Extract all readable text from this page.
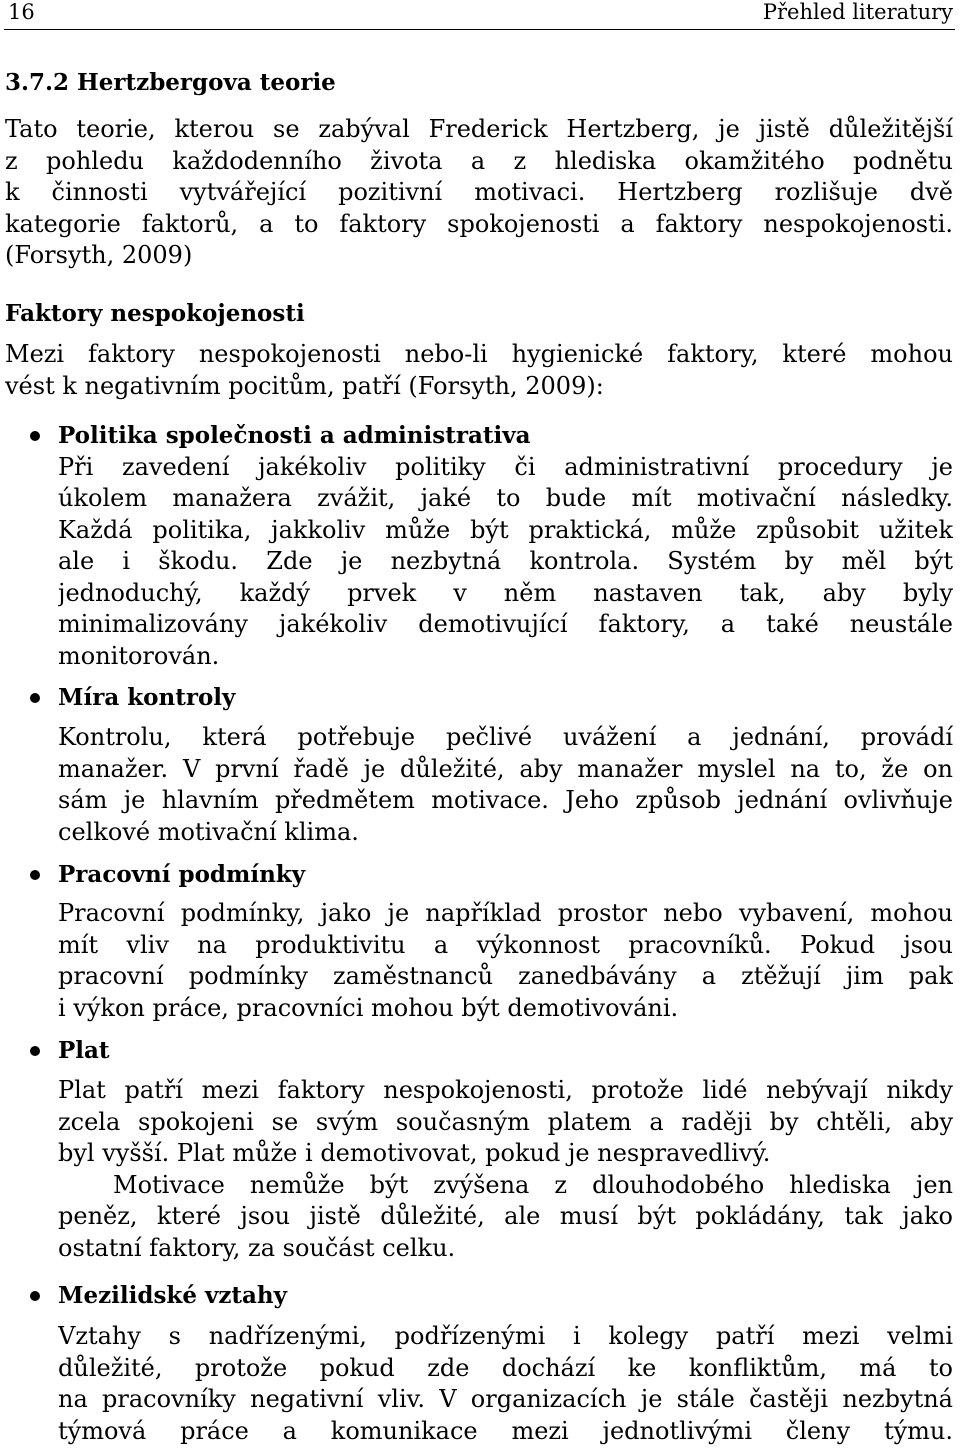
16	Přehled literatury
3.7.2 Hertzbergova teorie
Tato teorie, kterou se zabýval Frederick Hertzberg, je jistě důležitější
z pohledu každodenního života a z hlediska okamžitého podnětu
k činnosti vytvářející pozitivní motivaci. Hertzberg rozlišuje dvě
kategorie faktorů, a to faktory spokojenosti a faktory nespokojenosti.
(Forsyth, 2009)
Faktory nespokojenosti
Mezi faktory nespokojenosti nebo-li hygienické faktory, které mohou
vést k negativním pocitům, patří (Forsyth, 2009):
Politika společnosti a administrativa
Při zavedení jakékoliv politiky či administrativní procedury je
úkolem manažera zvážit, jaké to bude mít motivační následky.
Každá politika, jakkoliv může být praktická, může způsobit užitek
ale i škodu. Zde je nezbytná kontrola. Systém by měl být
jednoduchý, každý prvek v něm nastaven tak, aby byly
minimalizovány jakékoliv demotivující faktory, a také neustále
monitorován.
Míra kontroly
Kontrolu, která potřebuje pečlivé uvážení a jednání, provádí
manažer. V první řadě je důležité, aby manažer myslel na to, že on
sám je hlavním předmětem motivace. Jeho způsob jednání ovlivňuje
celkové motivační klima.
Pracovní podmínky
Pracovní podmínky, jako je například prostor nebo vybavení, mohou
mít vliv na produktivitu a výkonnost pracovníků. Pokud jsou
pracovní podmínky zaměstnanců zanedbávány a ztěžují jim pak
i výkon práce, pracovníci mohou být demotivováni.
Plat
Plat patří mezi faktory nespokojenosti, protože lidé nebývají nikdy
zcela spokojeni se svým současným platem a raději by chtěli, aby
byl vyšší. Plat může i demotivovat, pokud je nespravedlivý.
Motivace nemůže být zvýšena z dlouhodobého hlediska jen
peněz, které jsou jistě důležité, ale musí být pokládány, tak jako
ostatní faktory, za součást celku.
Mezilidské vztahy
Vztahy s nadřízenými, podřízenými i kolegy patří mezi velmi
důležité, protože pokud zde dochází ke konfliktům, má to
na pracovníky negativní vliv. V organizacích je stále častěji nezbytná
týmová práce a komunikace mezi jednotlivými členy týmu.
